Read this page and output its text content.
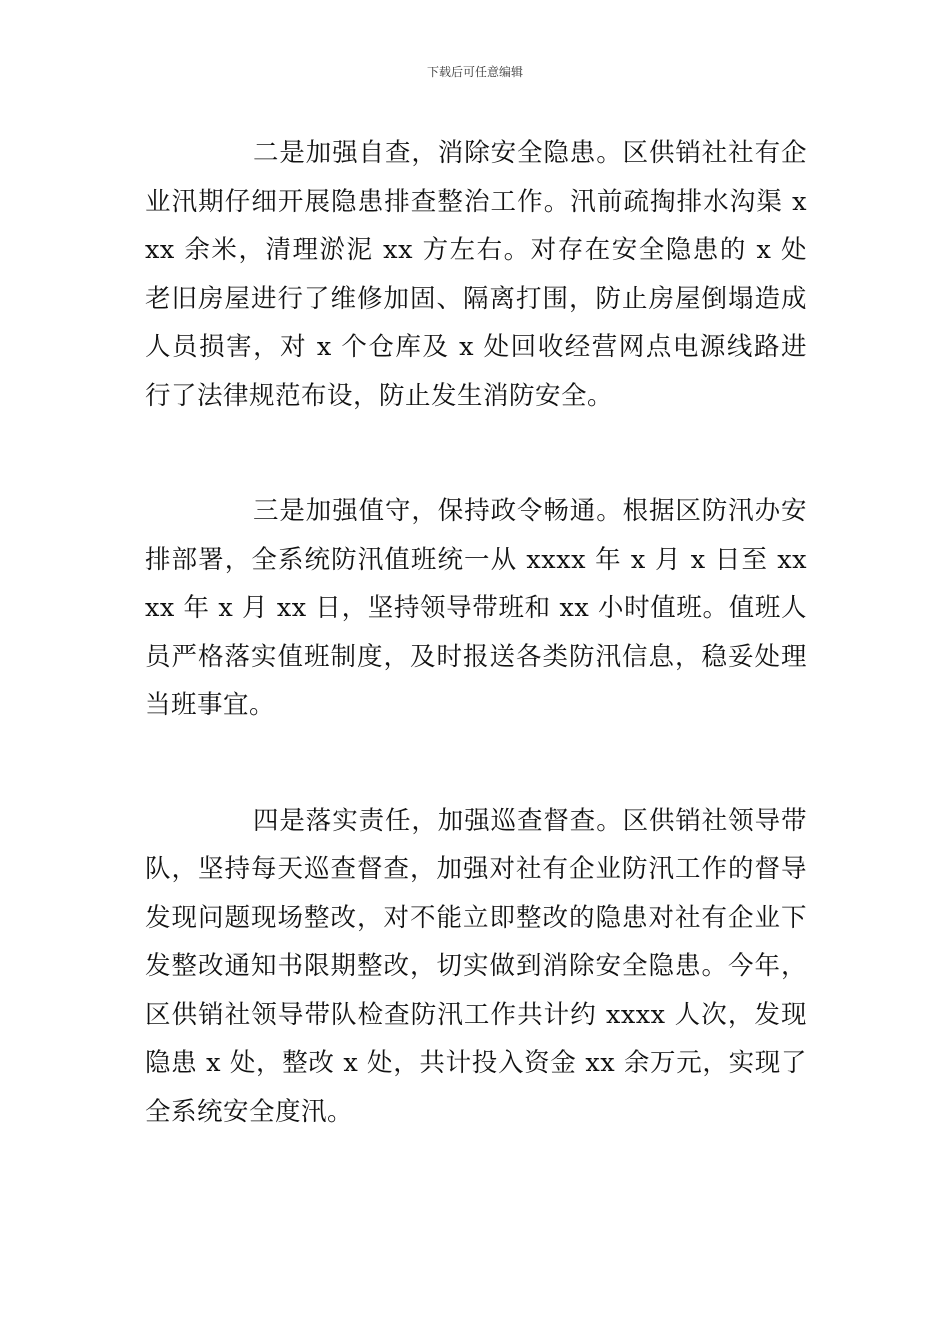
下载后可任意编辑

二是加强自查，消除安全隐患。区供销社社有企业汛期仔细开展隐患排查整治工作。汛前疏掏排水沟渠 xxx 余米，清理淤泥 xx 方左右。对存在安全隐患的 x 处老旧房屋进行了维修加固、隔离打围，防止房屋倒塌造成人员损害，对 x 个仓库及 x 处回收经营网点电源线路进行了法律规范布设，防止发生消防安全。

三是加强值守，保持政令畅通。根据区防汛办安排部署，全系统防汛值班统一从 xxxx 年 x 月 x 日至 xxxx 年 x 月 xx 日，坚持领导带班和 xx 小时值班。值班人员严格落实值班制度，及时报送各类防汛信息，稳妥处理当班事宜。

四是落实责任，加强巡查督查。区供销社领导带队，坚持每天巡查督查，加强对社有企业防汛工作的督导发现问题现场整改，对不能立即整改的隐患对社有企业下发整改通知书限期整改，切实做到消除安全隐患。今年，区供销社领导带队检查防汛工作共计约 xxxx 人次，发现隐患 x 处，整改 x 处，共计投入资金 xx 余万元，实现了全系统安全度汛。
